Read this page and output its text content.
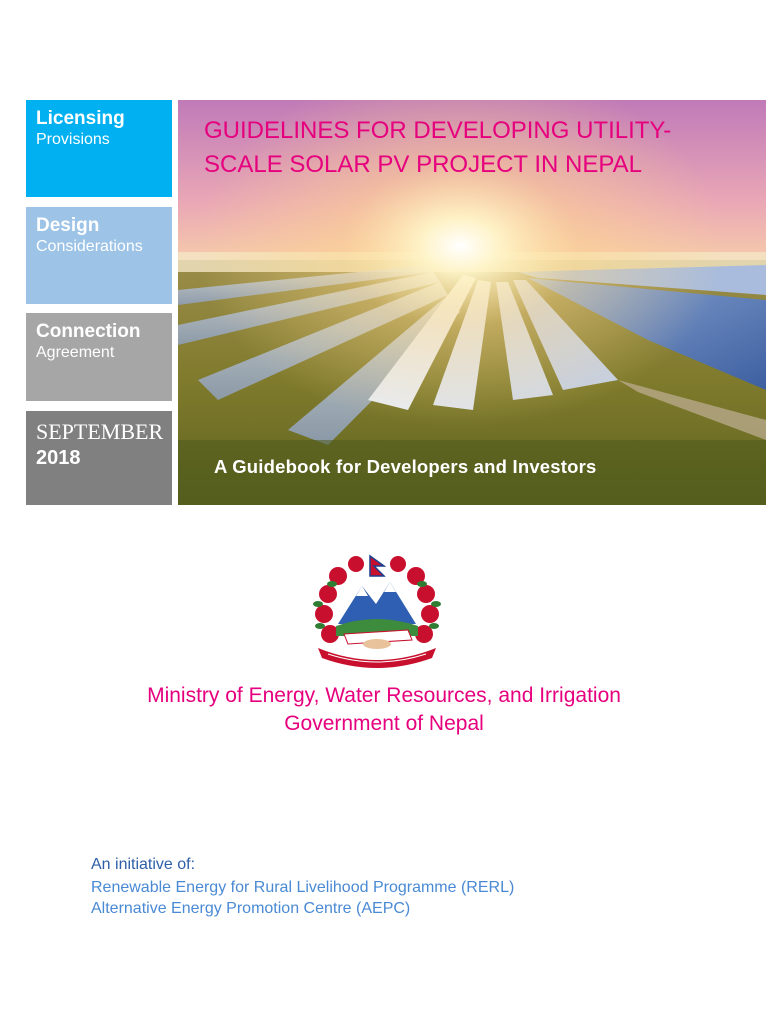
Licensing
Provisions
Design
Considerations
Connection
Agreement
SEPTEMBER
2018
GUIDELINES FOR DEVELOPING UTILITY-SCALE SOLAR PV PROJECT IN NEPAL
A Guidebook for Developers and Investors
Ministry of Energy, Water Resources, and Irrigation
Government of Nepal
An initiative of:
Renewable Energy for Rural Livelihood Programme (RERL)
Alternative Energy Promotion Centre (AEPC)
